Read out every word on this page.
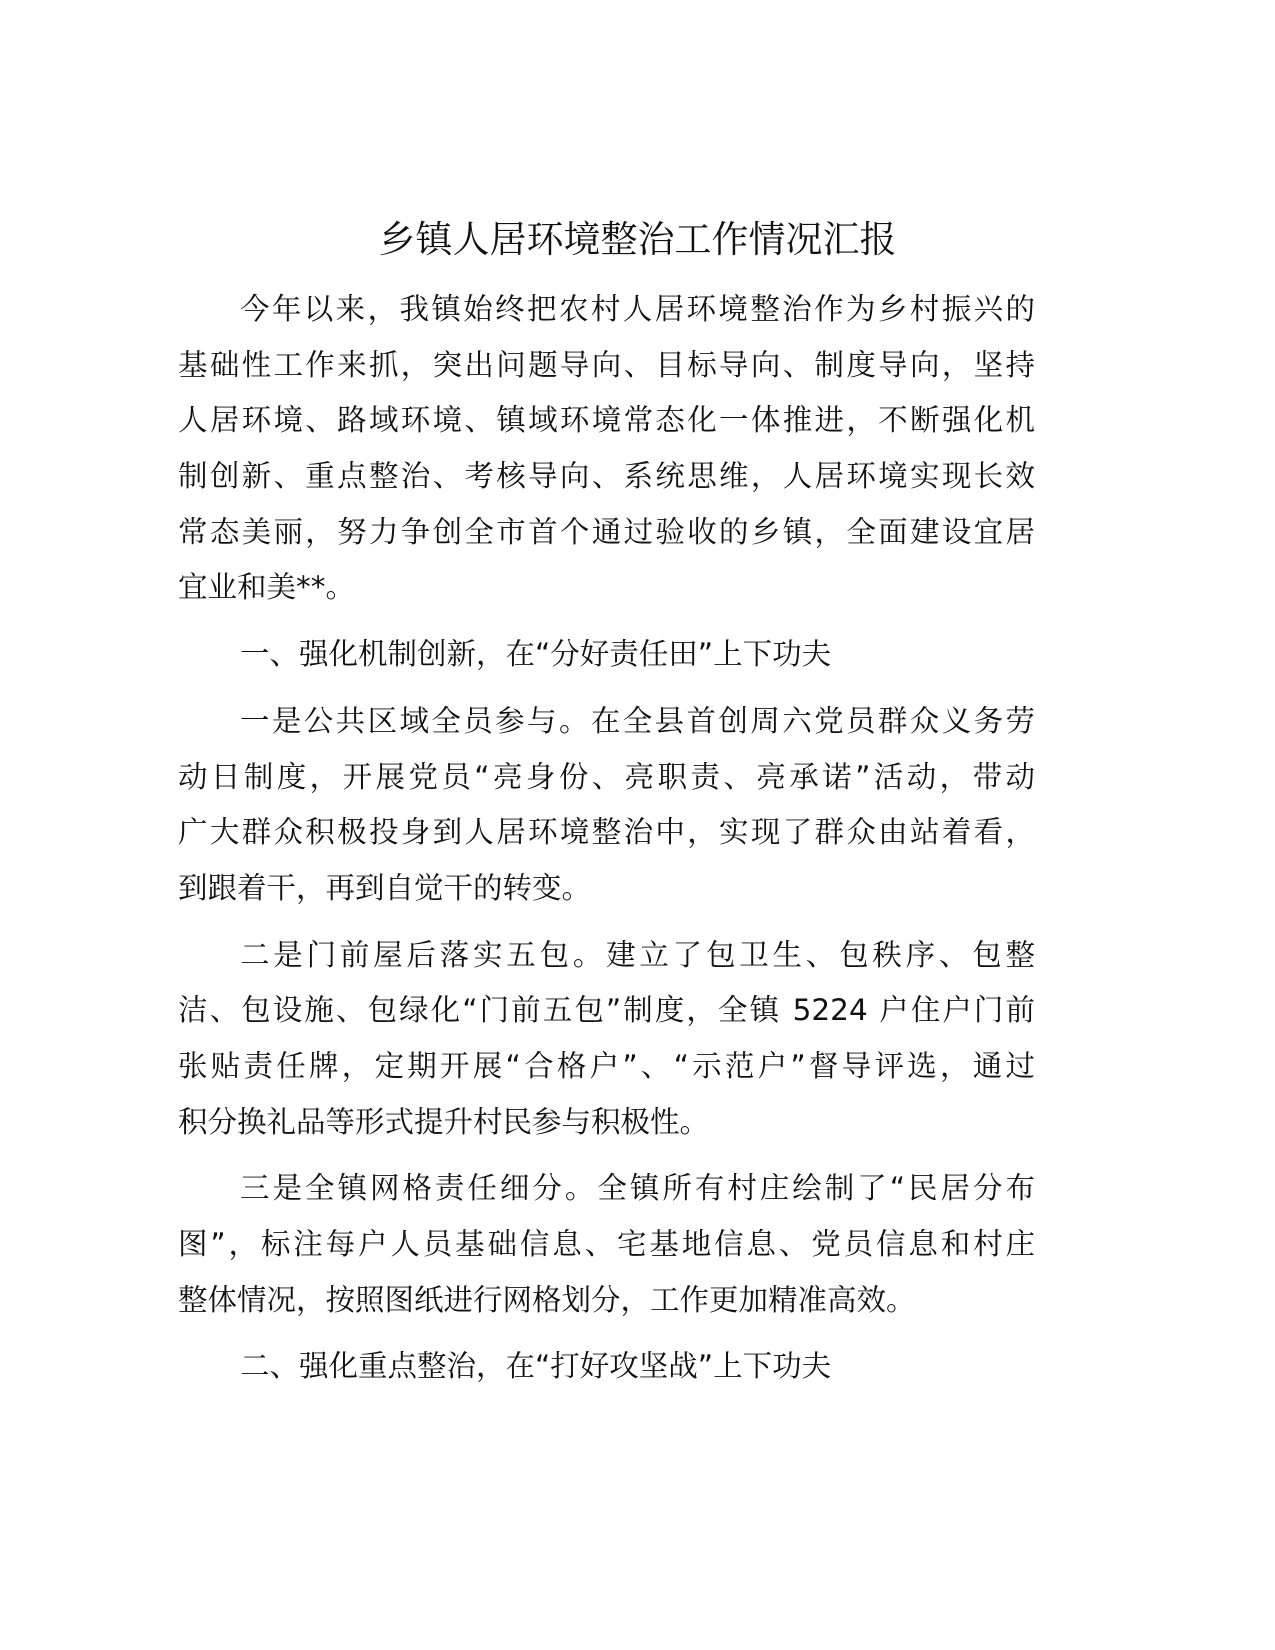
乡镇人居环境整治工作情况汇报
今年以来，我镇始终把农村人居环境整治作为乡村振兴的
基础性工作来抓，突出问题导向、目标导向、制度导向，坚持
人居环境、路域环境、镇域环境常态化一体推进，不断强化机
制创新、重点整治、考核导向、系统思维，人居环境实现长效
常态美丽，努力争创全市首个通过验收的乡镇，全面建设宜居
宜业和美**。
一、强化机制创新，在“分好责任田”上下功夫
一是公共区域全员参与。在全县首创周六党员群众义务劳
动日制度，开展党员“亮身份、亮职责、亮承诺”活动，带动
广大群众积极投身到人居环境整治中，实现了群众由站着看，
到跟着干，再到自觉干的转变。
二是门前屋后落实五包。建立了包卫生、包秩序、包整
洁、包设施、包绿化“门前五包”制度，全镇 5224 户住户门前
张贴责任牌，定期开展“合格户”、“示范户”督导评选，通过
积分换礼品等形式提升村民参与积极性。
三是全镇网格责任细分。全镇所有村庄绘制了“民居分布
图”，标注每户人员基础信息、宅基地信息、党员信息和村庄
整体情况，按照图纸进行网格划分，工作更加精准高效。
二、强化重点整治，在“打好攻坚战”上下功夫
